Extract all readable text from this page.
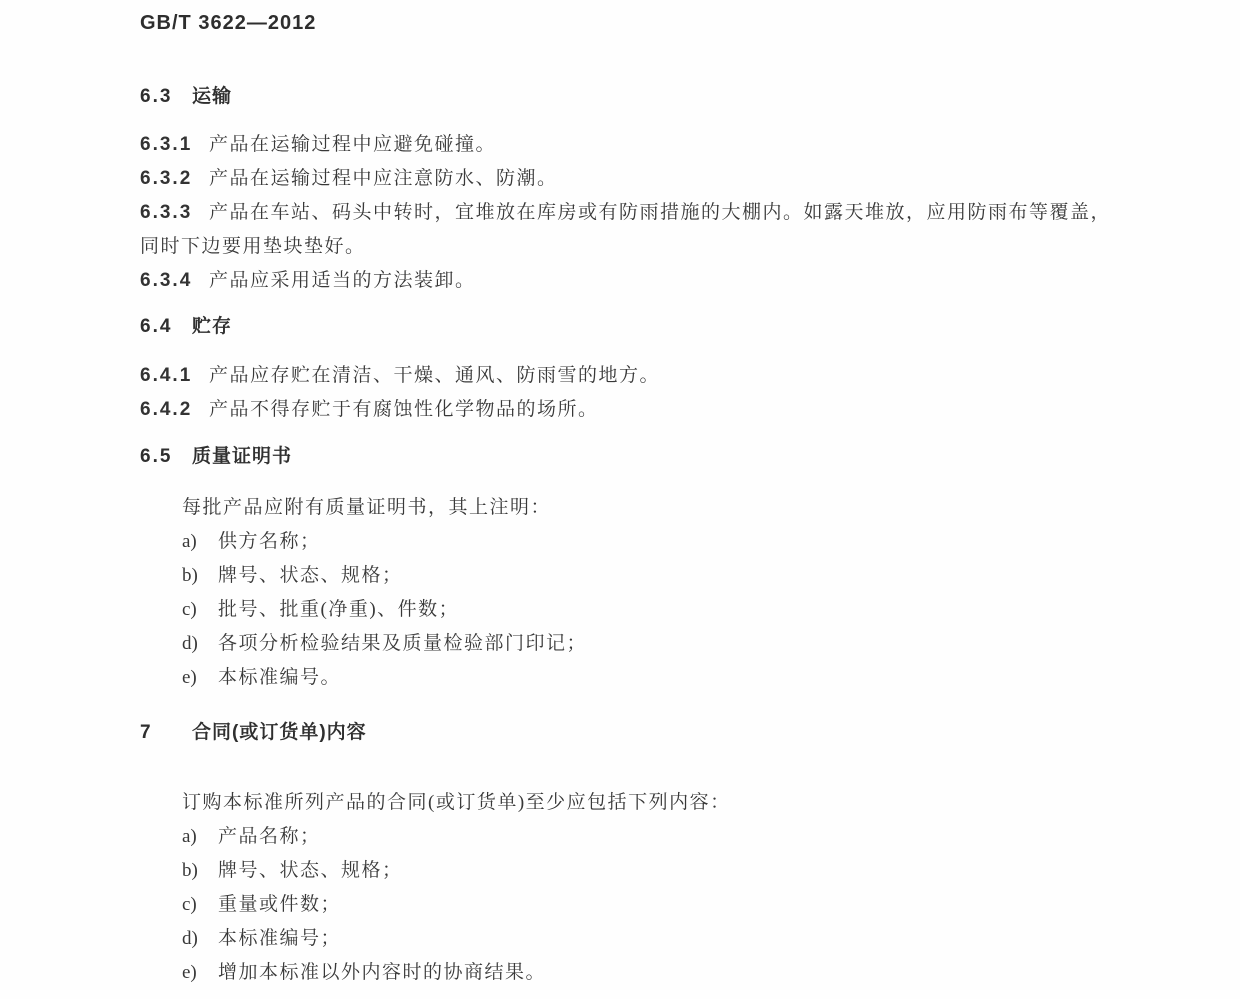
GB/T 3622—2012

6.3 运输

6.3.1 产品在运输过程中应避免碰撞。

6.3.2 产品在运输过程中应注意防水、防潮。

6.3.3 产品在车站、码头中转时，宜堆放在库房或有防雨措施的大棚内。如露天堆放，应用防雨布等覆盖，同时下边要用垫块垫好。

6.3.4 产品应采用适当的方法装卸。

6.4 贮存

6.4.1 产品应存贮在清洁、干燥、通风、防雨雪的地方。

6.4.2 产品不得存贮于有腐蚀性化学物品的场所。

6.5 质量证明书

每批产品应附有质量证明书，其上注明：

a) 供方名称；

b) 牌号、状态、规格；

c) 批号、批重(净重)、件数；

d) 各项分析检验结果及质量检验部门印记；

e) 本标准编号。

7 合同(或订货单)内容

订购本标准所列产品的合同(或订货单)至少应包括下列内容：

a) 产品名称；

b) 牌号、状态、规格；

c) 重量或件数；

d) 本标准编号；

e) 增加本标准以外内容时的协商结果。
